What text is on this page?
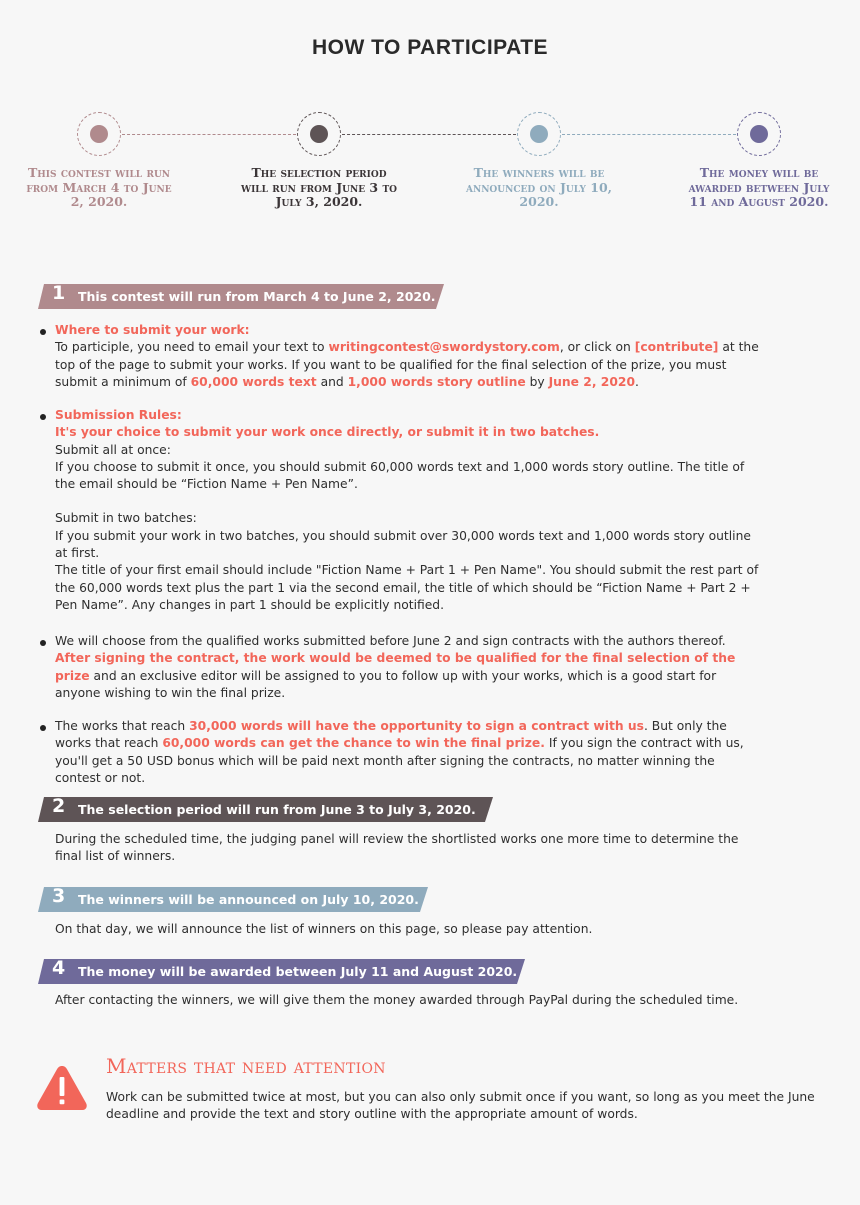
HOW TO PARTICIPATE
This contest will run from March 4 to June 2, 2020.
The selection period will run from June 3 to July 3, 2020.
The winners will be announced on July 10, 2020.
The money will be awarded between July 11 and August 2020.
1 This contest will run from March 4 to June 2, 2020.

Where to submit your work:

To participle, you need to email your text to writingcontest@swordystory.com, or click on [contribute] at the top of the page to submit your works. If you want to be qualified for the final selection of the prize, you must submit a minimum of 60,000 words text and 1,000 words story outline by June 2, 2020.

Submission Rules:

It's your choice to submit your work once directly, or submit it in two batches.

Submit all at once:

If you choose to submit it once, you should submit 60,000 words text and 1,000 words story outline. The title of the email should be “Fiction Name + Pen Name”.

Submit in two batches:

If you submit your work in two batches, you should submit over 30,000 words text and 1,000 words story outline at first.

The title of your first email should include "Fiction Name + Part 1 + Pen Name". You should submit the rest part of the 60,000 words text plus the part 1 via the second email, the title of which should be “Fiction Name + Part 2 + Pen Name”. Any changes in part 1 should be explicitly notified.

We will choose from the qualified works submitted before June 2 and sign contracts with the authors thereof. After signing the contract, the work would be deemed to be qualified for the final selection of the prize and an exclusive editor will be assigned to you to follow up with your works, which is a good start for anyone wishing to win the final prize.

The works that reach 30,000 words will have the opportunity to sign a contract with us. But only the works that reach 60,000 words can get the chance to win the final prize. If you sign the contract with us, you'll get a 50 USD bonus which will be paid next month after signing the contracts, no matter winning the contest or not.

2 The selection period will run from June 3 to July 3, 2020.
During the scheduled time, the judging panel will review the shortlisted works one more time to determine the final list of winners.
3 The winners will be announced on July 10, 2020.
On that day, we will announce the list of winners on this page, so please pay attention.
4 The money will be awarded between July 11 and August 2020.
After contacting the winners, we will give them the money awarded through PayPal during the scheduled time.
Matters that need attention
Work can be submitted twice at most, but you can also only submit once if you want, so long as you meet the June deadline and provide the text and story outline with the appropriate amount of words.
